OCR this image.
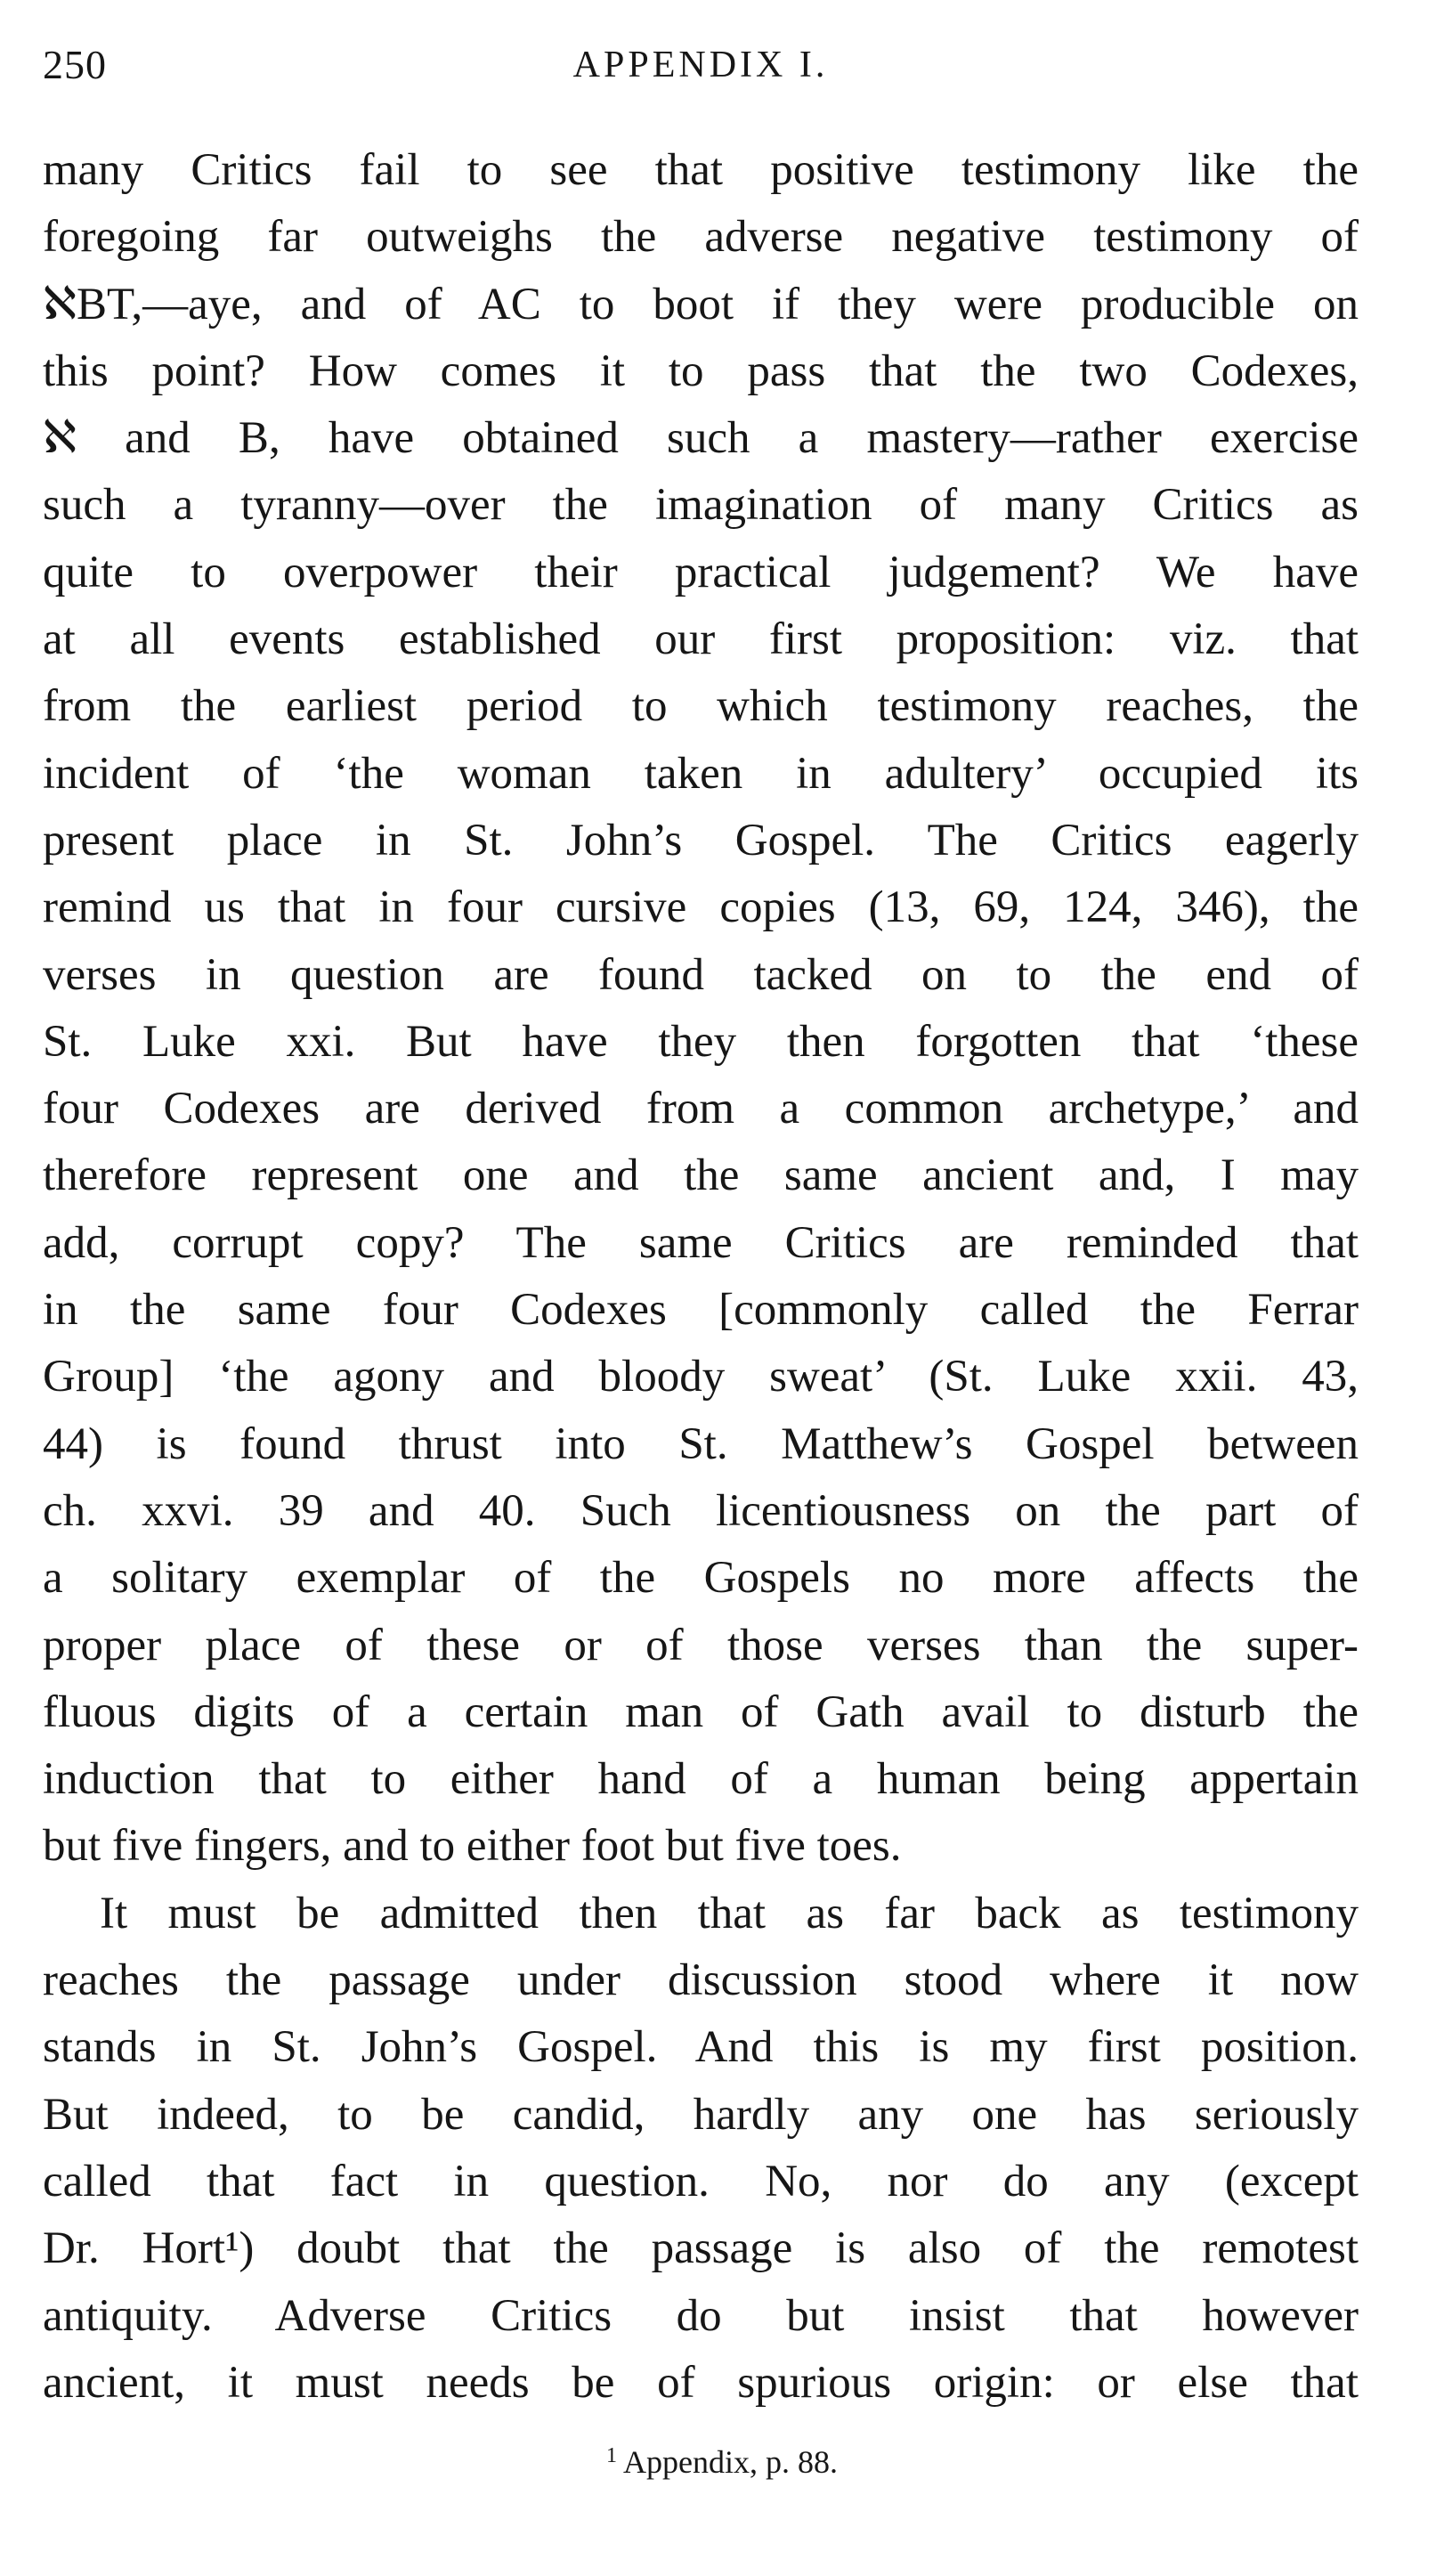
250	APPENDIX I.
many Critics fail to see that positive testimony like the
foregoing far outweighs the adverse negative testimony of
ℵBT,—aye, and of AC to boot if they were producible on
this point? How comes it to pass that the two Codexes,
ℵ and B, have obtained such a mastery—rather exercise
such a tyranny—over the imagination of many Critics as
quite to overpower their practical judgement? We have
at all events established our first proposition: viz. that
from the earliest period to which testimony reaches, the
incident of ‘the woman taken in adultery’ occupied its
present place in St. John’s Gospel. The Critics eagerly
remind us that in four cursive copies (13, 69, 124, 346), the
verses in question are found tacked on to the end of
St. Luke xxi. But have they then forgotten that ‘these
four Codexes are derived from a common archetype,’ and
therefore represent one and the same ancient and, I may
add, corrupt copy? The same Critics are reminded that
in the same four Codexes [commonly called the Ferrar
Group] ‘the agony and bloody sweat’ (St. Luke xxii. 43,
44) is found thrust into St. Matthew’s Gospel between
ch. xxvi. 39 and 40. Such licentiousness on the part of
a solitary exemplar of the Gospels no more affects the
proper place of these or of those verses than the super-
fluous digits of a certain man of Gath avail to disturb the
induction that to either hand of a human being appertain
but five fingers, and to either foot but five toes.
It must be admitted then that as far back as testimony
reaches the passage under discussion stood where it now
stands in St. John’s Gospel. And this is my first position.
But indeed, to be candid, hardly any one has seriously
called that fact in question. No, nor do any (except
Dr. Hort¹) doubt that the passage is also of the remotest
antiquity. Adverse Critics do but insist that however
ancient, it must needs be of spurious origin: or else that
$^1$ Appendix, p. 88.
